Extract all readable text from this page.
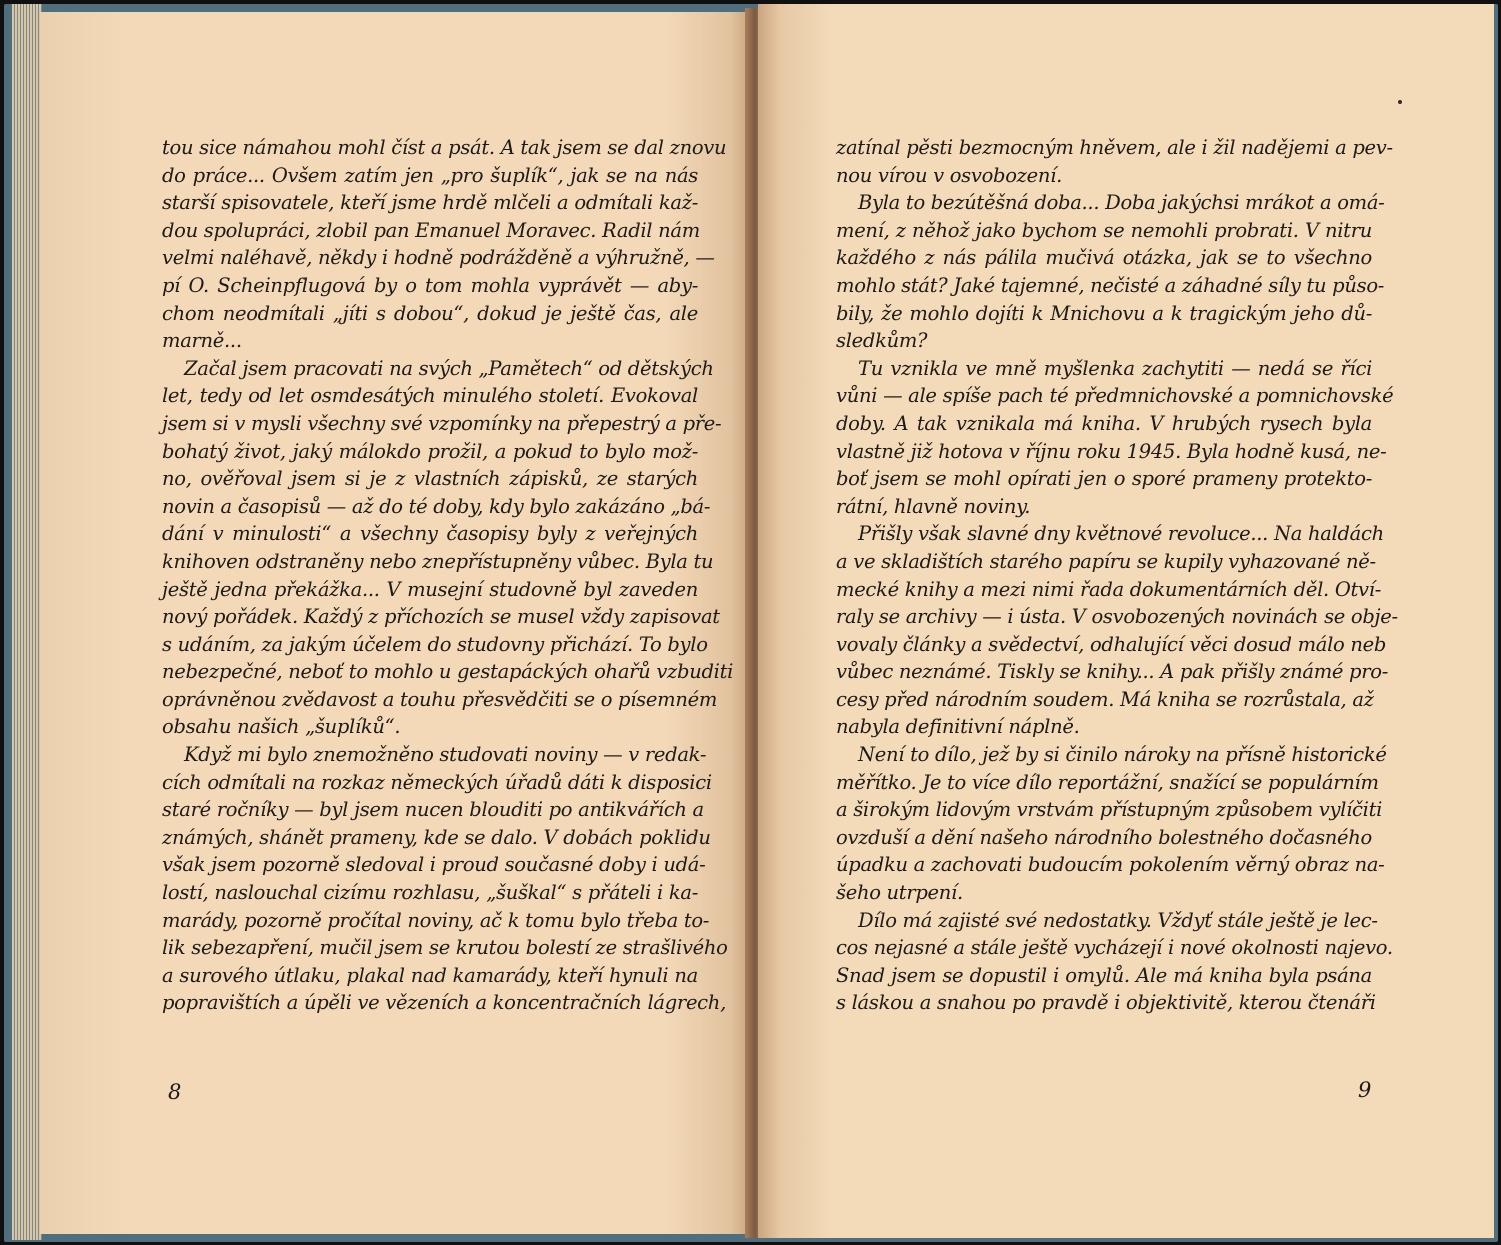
tou sice námahou mohl číst a psát. A tak jsem se dal znovu
do práce... Ovšem zatím jen „pro šuplík“, jak se na nás
starší spisovatele, kteří jsme hrdě mlčeli a odmítali kaž-
dou spolupráci, zlobil pan Emanuel Moravec. Radil nám
velmi naléhavě, někdy i hodně podrážděně a výhružně, —
pí O. Scheinpflugová by o tom mohla vyprávět — aby-
chom neodmítali „jíti s dobou“, dokud je ještě čas, ale
marně...
Začal jsem pracovati na svých „Pamětech“ od dětských
let, tedy od let osmdesátých minulého století. Evokoval
jsem si v mysli všechny své vzpomínky na přepestrý a pře-
bohatý život, jaký málokdo prožil, a pokud to bylo mož-
no, ověřoval jsem si je z vlastních zápisků, ze starých
novin a časopisů — až do té doby, kdy bylo zakázáno „bá-
dání v minulosti“ a všechny časopisy byly z veřejných
knihoven odstraněny nebo znepřístupněny vůbec. Byla tu
ještě jedna překážka... V musejní studovně byl zaveden
nový pořádek. Každý z příchozích se musel vždy zapisovat
s udáním, za jakým účelem do studovny přichází. To bylo
nebezpečné, neboť to mohlo u gestapáckých ohařů vzbuditi
oprávněnou zvědavost a touhu přesvědčiti se o písemném
obsahu našich „šuplíků“.
Když mi bylo znemožněno studovati noviny — v redak-
cích odmítali na rozkaz německých úřadů dáti k disposici
staré ročníky — byl jsem nucen blouditi po antikvářích a
známých, shánět prameny, kde se dalo. V dobách poklidu
však jsem pozorně sledoval i proud současné doby i udá-
lostí, naslouchal cizímu rozhlasu, „šuškal“ s přáteli i ka-
marády, pozorně pročítal noviny, ač k tomu bylo třeba to-
lik sebezapření, mučil jsem se krutou bolestí ze strašlivého
a surového útlaku, plakal nad kamarády, kteří hynuli na
popravištích a úpěli ve vězeních a koncentračních lágrech,
8
zatínal pěsti bezmocným hněvem, ale i žil nadějemi a pev-
nou vírou v osvobození.
Byla to bezútěšná doba... Doba jakýchsi mrákot a omá-
mení, z něhož jako bychom se nemohli probrati. V nitru
každého z nás pálila mučivá otázka, jak se to všechno
mohlo stát? Jaké tajemné, nečisté a záhadné síly tu půso-
bily, že mohlo dojíti k Mnichovu a k tragickým jeho dů-
sledkům?
Tu vznikla ve mně myšlenka zachytiti — nedá se říci
vůni — ale spíše pach té předmnichovské a pomnichovské
doby. A tak vznikala má kniha. V hrubých rysech byla
vlastně již hotova v říjnu roku 1945. Byla hodně kusá, ne-
boť jsem se mohl opírati jen o sporé prameny protekto-
rátní, hlavně noviny.
Přišly však slavné dny květnové revoluce... Na haldách
a ve skladištích starého papíru se kupily vyhazované ně-
mecké knihy a mezi nimi řada dokumentárních děl. Otví-
raly se archivy — i ústa. V osvobozených novinách se obje-
vovaly články a svědectví, odhalující věci dosud málo neb
vůbec neznámé. Tiskly se knihy... A pak přišly známé pro-
cesy před národním soudem. Má kniha se rozrůstala, až
nabyla definitivní náplně.
Není to dílo, jež by si činilo nároky na přísně historické
měřítko. Je to více dílo reportážní, snažící se populárním
a širokým lidovým vrstvám přístupným způsobem vylíčiti
ovzduší a dění našeho národního bolestného dočasného
úpadku a zachovati budoucím pokolením věrný obraz na-
šeho utrpení.
Dílo má zajisté své nedostatky. Vždyť stále ještě je lec-
cos nejasné a stále ještě vycházejí i nové okolnosti najevo.
Snad jsem se dopustil i omylů. Ale má kniha byla psána
s láskou a snahou po pravdě i objektivitě, kterou čtenáři
9
